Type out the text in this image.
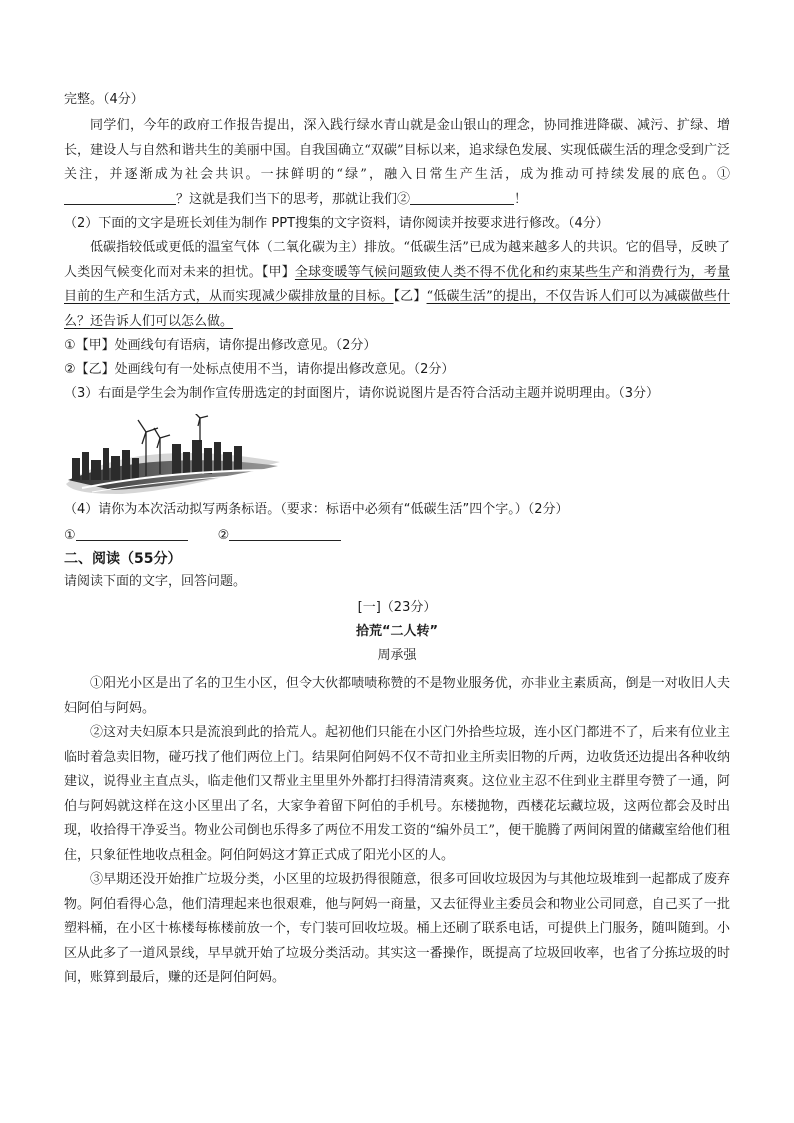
完整。（4分）

同学们，今年的政府工作报告提出，深入践行绿水青山就是金山银山的理念，协同推进降碳、减污、扩绿、增长，建设人与自然和谐共生的美丽中国。自我国确立“双碳”目标以来，追求绿色发展、实现低碳生活的理念受到广泛关注，并逐渐成为社会共识。一抹鲜明的“绿”，融入日常生产生活，成为推动可持续发展的底色。①？这就是我们当下的思考，那就让我们②	！

（2）下面的文字是班长刘佳为制作 PPT搜集的文字资料，请你阅读并按要求进行修改。（4分）

低碳指较低或更低的温室气体（二氧化碳为主）排放。“低碳生活”已成为越来越多人的共识。它的倡导，反映了人类因气候变化而对未来的担忧。【甲】全球变暖等气候问题致使人类不得不优化和约束某些生产和消费行为，考量目前的生产和生活方式，从而实现减少碳排放量的目标。【乙】“低碳生活”的提出，不仅告诉人们可以为减碳做些什么？还告诉人们可以怎么做。

①【甲】处画线句有语病，请你提出修改意见。（2分）

②【乙】处画线句有一处标点使用不当，请你提出修改意见。（2分）

（3）右面是学生会为制作宣传册选定的封面图片，请你说说图片是否符合活动主题并说明理由。（3分）

（4）请你为本次活动拟写两条标语。（要求：标语中必须有“低碳生活”四个字。）（2分）

①	②

二、阅读（55分）

请阅读下面的文字，回答问题。

[一]（23分）

拾荒“二人转”

周承强

①阳光小区是出了名的卫生小区，但令大伙都啧啧称赞的不是物业服务优，亦非业主素质高，倒是一对收旧人夫妇阿伯与阿妈。

②这对夫妇原本只是流浪到此的拾荒人。起初他们只能在小区门外拾些垃圾，连小区门都进不了，后来有位业主临时着急卖旧物，碰巧找了他们两位上门。结果阿伯阿妈不仅不苛扣业主所卖旧物的斤两，边收货还边提出各种收纳建议，说得业主直点头，临走他们又帮业主里里外外都打扫得清清爽爽。这位业主忍不住到业主群里夸赞了一通，阿伯与阿妈就这样在这小区里出了名，大家争着留下阿伯的手机号。东楼抛物，西楼花坛藏垃圾，这两位都会及时出现，收拾得干净妥当。物业公司倒也乐得多了两位不用发工资的“编外员工”，便干脆腾了两间闲置的储藏室给他们租住，只象征性地收点租金。阿伯阿妈这才算正式成了阳光小区的人。

③早期还没开始推广垃圾分类，小区里的垃圾扔得很随意，很多可回收垃圾因为与其他垃圾堆到一起都成了废弃物。阿伯看得心急，他们清理起来也很艰难，他与阿妈一商量，又去征得业主委员会和物业公司同意，自己买了一批塑料桶，在小区十栋楼每栋楼前放一个，专门装可回收垃圾。桶上还刷了联系电话，可提供上门服务，随叫随到。小区从此多了一道风景线，早早就开始了垃圾分类活动。其实这一番操作，既提高了垃圾回收率，也省了分拣垃圾的时间，账算到最后，赚的还是阿伯阿妈。
